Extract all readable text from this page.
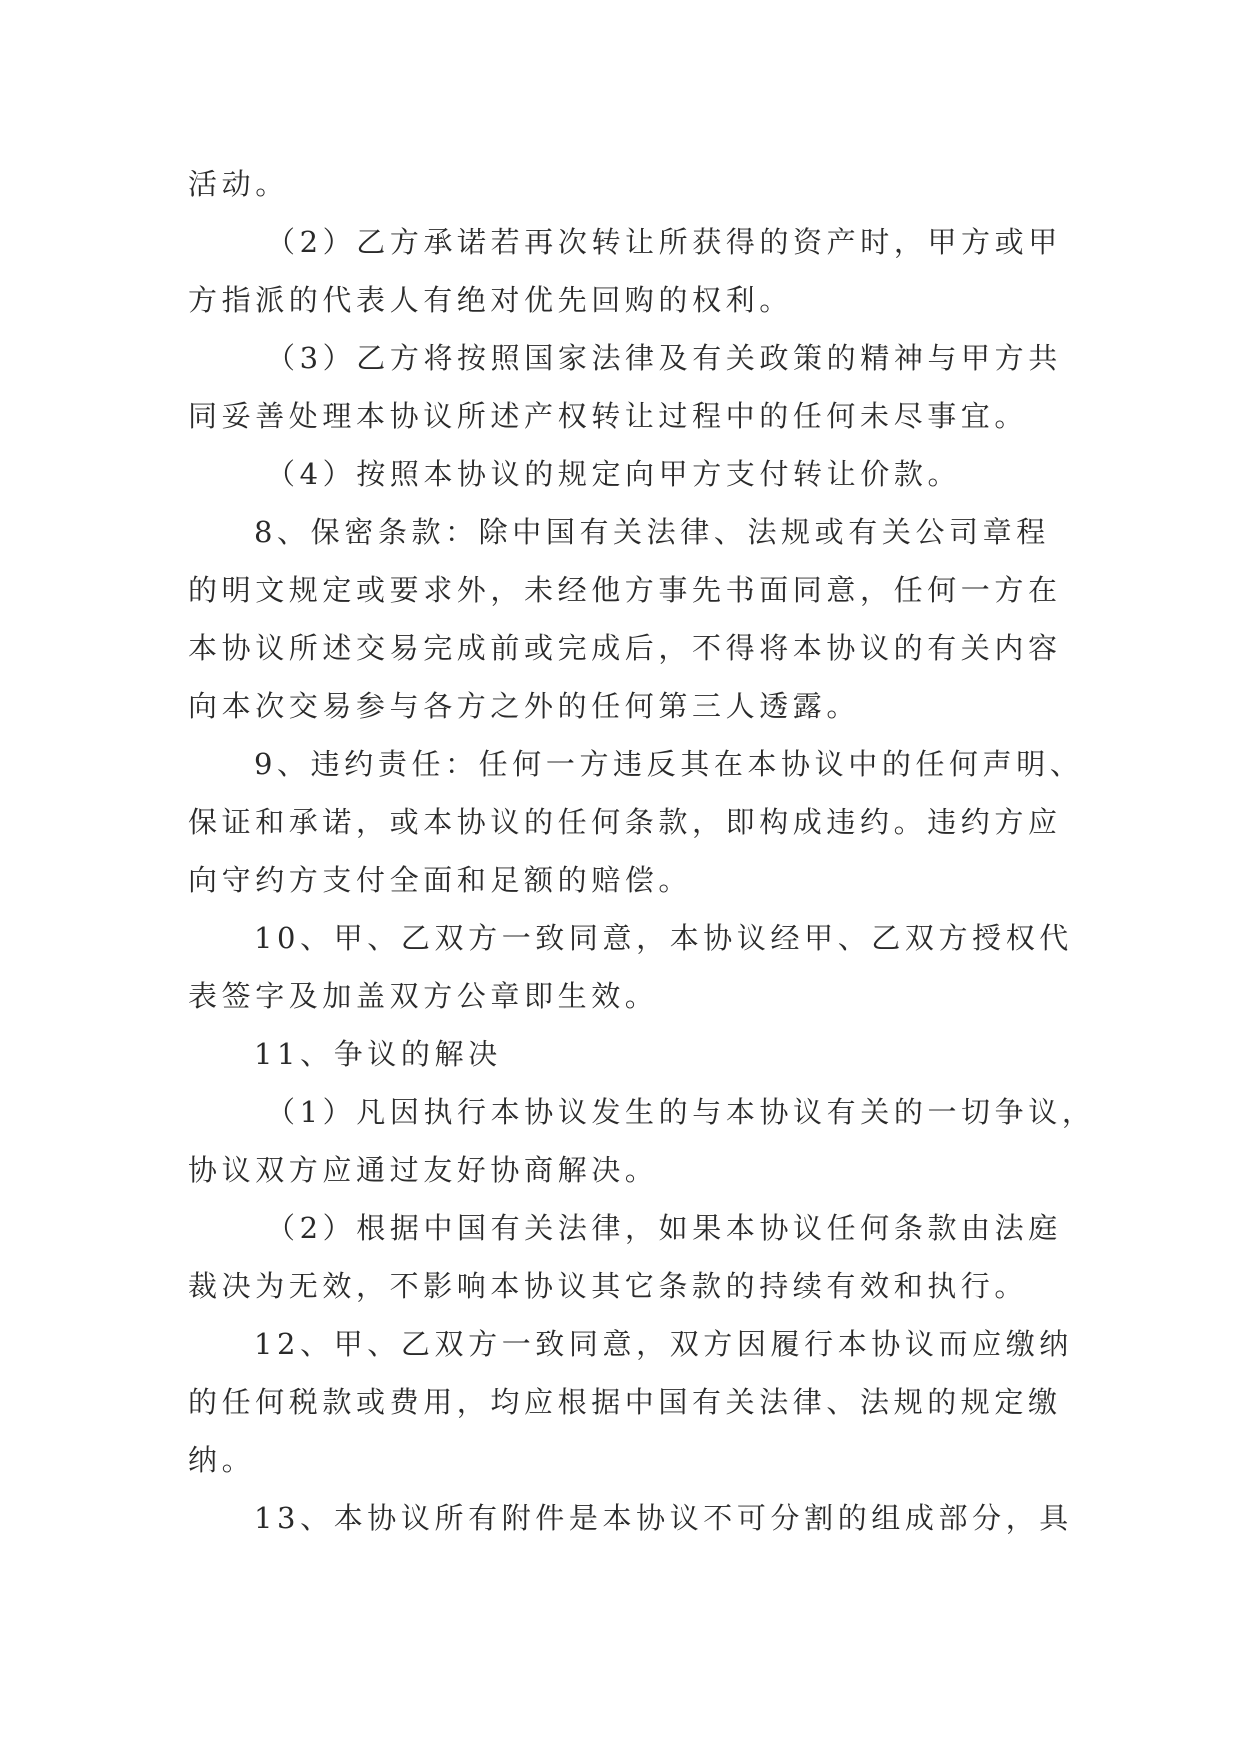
活动。
（2）乙方承诺若再次转让所获得的资产时，甲方或甲
方指派的代表人有绝对优先回购的权利。
（3）乙方将按照国家法律及有关政策的精神与甲方共
同妥善处理本协议所述产权转让过程中的任何未尽事宜。
（4）按照本协议的规定向甲方支付转让价款。
8、保密条款：除中国有关法律、法规或有关公司章程
的明文规定或要求外，未经他方事先书面同意，任何一方在
本协议所述交易完成前或完成后，不得将本协议的有关内容
向本次交易参与各方之外的任何第三人透露。
9、违约责任：任何一方违反其在本协议中的任何声明、
保证和承诺，或本协议的任何条款，即构成违约。违约方应
向守约方支付全面和足额的赔偿。
10、甲、乙双方一致同意，本协议经甲、乙双方授权代
表签字及加盖双方公章即生效。
11、争议的解决
（1）凡因执行本协议发生的与本协议有关的一切争议，
协议双方应通过友好协商解决。
（2）根据中国有关法律，如果本协议任何条款由法庭
裁决为无效，不影响本协议其它条款的持续有效和执行。
12、甲、乙双方一致同意，双方因履行本协议而应缴纳
的任何税款或费用，均应根据中国有关法律、法规的规定缴
纳。
13、本协议所有附件是本协议不可分割的组成部分，具
